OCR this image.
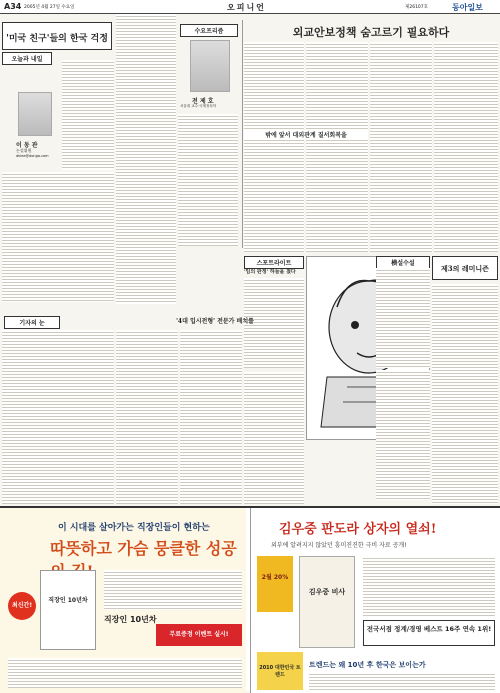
A34 2005년 4월 27일 수요일	오피니언	제26107호	동아일보
'미국 친구'들의 한국 걱정
오늘과 내일
이 동 관
논설위원
dklee@donga.com
수요프리즘
전 제 호
서울대 교수·국제정치학
외교안보정책 숨고르기 필요하다
밖에 앞서 대외관계 질서회복을
스포트라이트
'임의 판정' 하늘을 쳤다
横설수설
제3의 레미니즌
기자의 눈	'4대 입시전형' 전문가 배치를
이 시대를 살아가는 직장인들이 현하는
따뜻하고 가슴 뭉클한 성공
최신간!
직장인 10년차
직장인 10년차
무료증정 이벤트 실시!
김우중 판도라 상자의 열쇠!
외부에 알려지지 않았던 흥미진진한 극비 자료 공개!
2월 20%
김우중 비사
전국서점 정계/경영 베스트 16주 연속 1위!
2010 대한민국 트렌드
트렌드는 왜 10년 후 한국은 보이는가
